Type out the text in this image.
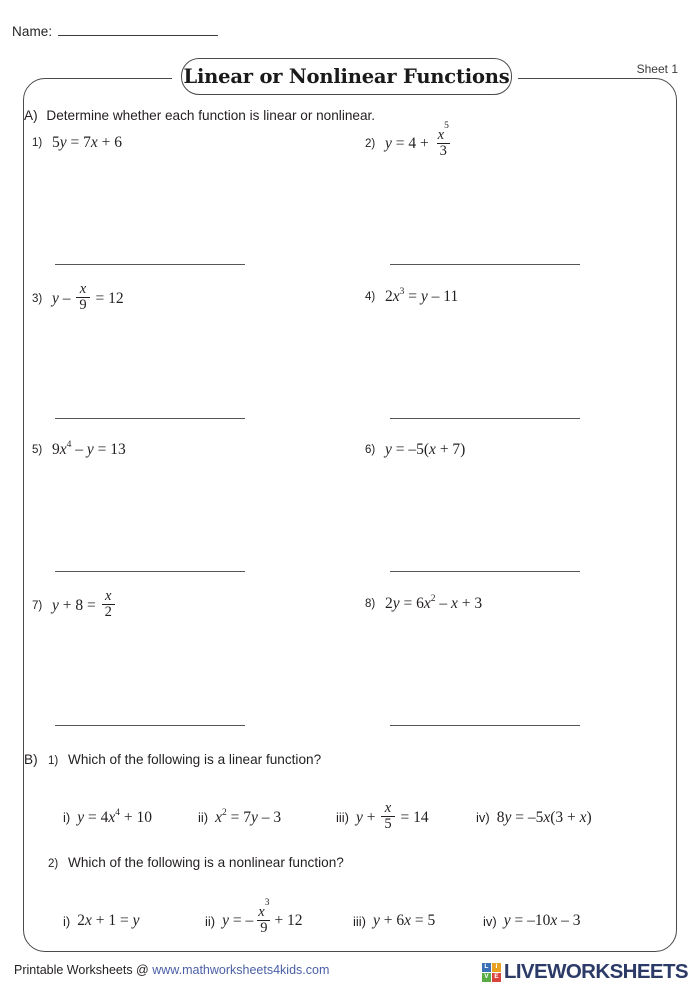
Name:
Sheet 1
Linear or Nonlinear Functions
A) Determine whether each function is linear or nonlinear.
1) 5 y = 7 x + 6	2) $y = 4 + \frac{x^5}{3}$
3) $y - \frac{x}{9} = 12$	4) 2 x 3 = y – 11
5) 9 x 4 – y = 13	6) y = –5( x + 7)
7) $y + 8 = \frac{x}{2}$	8) 2 y = 6 x 2 – x + 3
B) 1) Which of the following is a linear function?
i) y = 4 x 4 + 10	ii) x 2 = 7 y – 3	iii) $y + \frac{x}{5} = 14$	iv) 8 y = –5 x (3 + x )
2) Which of the following is a nonlinear function?
i) 2 x + 1 = y	ii) y = – $\frac{x^3}{9} + 12$	iii) y + 6 x = 5	iv) y = –10 x – 3
Printable Worksheets @ www.mathworksheets4kids.com	L	I
V E LIVEWORKSHEETS
